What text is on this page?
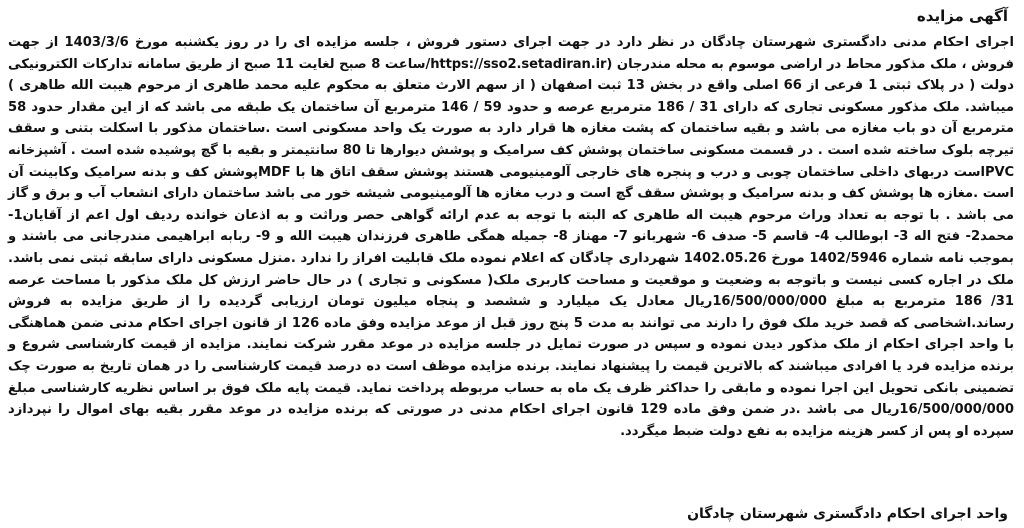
آگهی مزایده

اجرای احکام مدنی دادگستری شهرستان چادگان در نظر دارد در جهت اجرای دستور فروش ، جلسه مزایده ای را در روز یکشنبه مورخ 1403/3/6 از جهت فروش ، ملک مذکور محاط در اراضی موسوم به محله مندرجان (https://sso2.setadiran.ir/ساعت 8 صبح لغایت 11 صبح از طریق سامانه تدارکات الکترونیکی دولت ( در پلاک ثبتی 1 فرعی از 66 اصلی واقع در بخش 13 ثبت اصفهان ( از سهم الارث متعلق به محکوم علیه محمد طاهری از مرحوم هیبت الله طاهری ) میباشد. ملک مذکور مسکونی تجاری که دارای 31 / 186 مترمربع عرصه و حدود 59 / 146 مترمربع آن ساختمان یک طبقه می باشد که از این مقدار حدود 58 مترمربع آن دو باب مغازه می باشد و بقیه ساختمان که پشت مغازه ها قرار دارد به صورت یک واحد مسکونی است .ساختمان مذکور با اسکلت بتنی و سقف تیرچه بلوک ساخته شده است . در قسمت مسکونی ساختمان پوشش کف سرامیک و پوشش دیوارها تا 80 سانتیمتر و بقیه با گچ پوشیده شده است . آشپزخانه PVCاست دربهای داخلی ساختمان چوبی و درب و پنجره های خارجی آلومینیومی هستند پوشش سقف اتاق ها با MDFپوشش کف و بدنه سرامیک وکابینت آن است .مغازه ها پوشش کف و بدنه سرامیک و پوشش سقف گچ است و درب مغازه ها آلومینیومی شیشه خور می باشد ساختمان دارای انشعاب آب و برق و گاز می باشد . با توجه به تعداد وراث مرحوم هیبت اله طاهری که البته با توجه به عدم ارائه گواهی حصر وراثت و به اذعان خوانده ردیف اول اعم از آقایان1- محمد2- فتح اله 3- ابوطالب 4- قاسم 5- صدف 6- شهربانو 7- مهناز 8- جمیله همگی طاهری فرزندان هیبت الله و 9- ربابه ابراهیمی مندرجانی می باشند و بموجب نامه شماره 1402/5946 مورخ 1402.05.26 شهرداری چادگان که اعلام نموده ملک قابلیت افراز را ندارد .منزل مسکونی دارای سابقه ثبتی نمی باشد. ملک در اجاره کسی نیست و باتوجه به وضعیت و موقعیت و مساحت کاربری ملک( مسکونی و تجاری ) در حال حاضر ارزش کل ملک مذکور با مساحت عرصه 31/ 186 مترمربع به مبلغ 16/500/000/000ریال معادل یک میلیارد و ششصد و پنجاه میلیون تومان ارزیابی گردیده را از طریق مزایده به فروش رساند.اشخاصی که قصد خرید ملک فوق را دارند می توانند به مدت 5 پنج روز قبل از موعد مزایده وفق ماده 126 از قانون اجرای احکام مدنی ضمن هماهنگی با واحد اجرای احکام از ملک مذکور دیدن نموده و سپس در صورت تمایل در جلسه مزایده در موعد مقرر شرکت نمایند. مزایده از قیمت کارشناسی شروع و برنده مزایده فرد یا افرادی میباشند که بالاترین قیمت را پیشنهاد نمایند. برنده مزایده موظف است ده درصد قیمت کارشناسی را در همان تاریخ به صورت چک تضمینی بانکی تحویل این اجرا نموده و مابقی را حداکثر ظرف یک ماه به حساب مربوطه پرداخت نماید. قیمت پایه ملک فوق بر اساس نظریه کارشناسی مبلغ 16/500/000/000ریال می باشد .در ضمن وفق ماده 129 قانون اجرای احکام مدنی در صورتی که برنده مزایده در موعد مقرر بقیه بهای اموال را نپردازد سپرده او پس از کسر هزینه مزایده به نفع دولت ضبط میگردد.

واحد اجرای احکام دادگستری شهرستان چادگان
